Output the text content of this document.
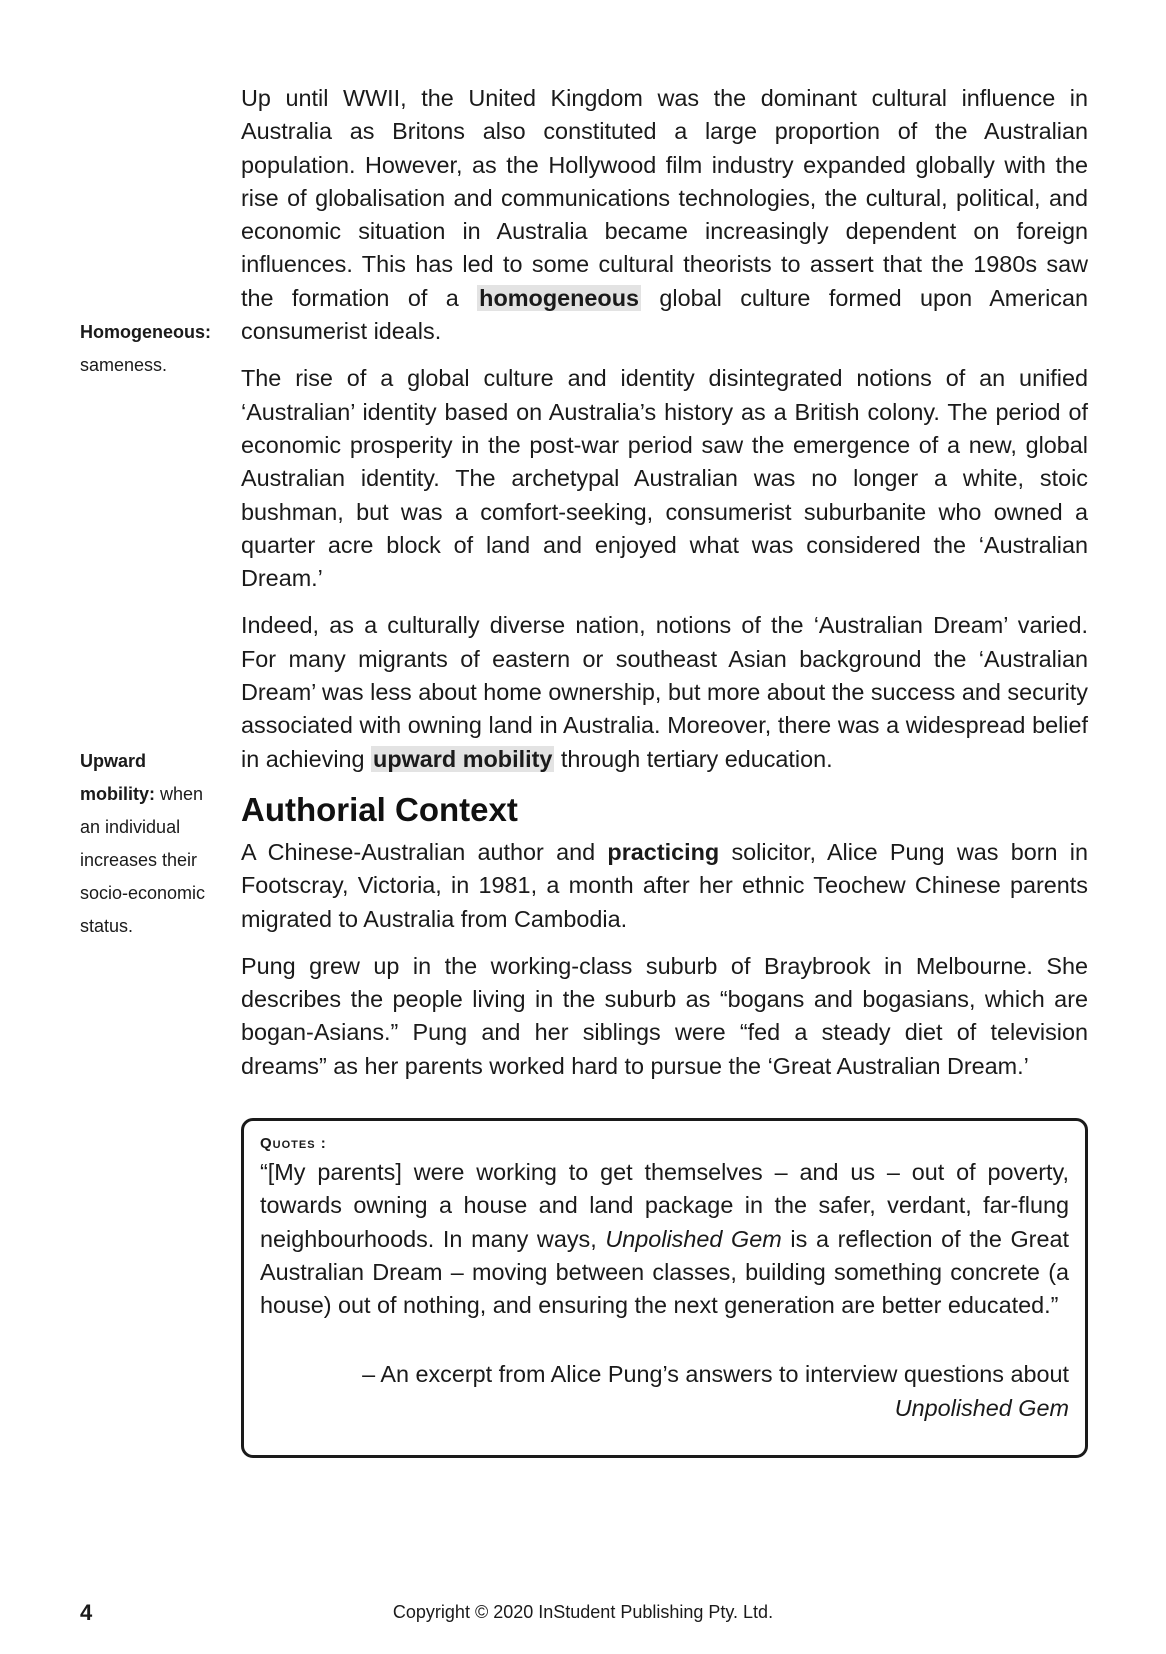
Up until WWII, the United Kingdom was the dominant cultural influence in Australia as Britons also constituted a large proportion of the Australian population. However, as the Hollywood film industry expanded globally with the rise of globalisation and communications technologies, the cultural, political, and economic situation in Australia became increasingly dependent on foreign influences. This has led to some cultural theorists to assert that the 1980s saw the formation of a homogeneous global culture formed upon American consumerist ideals.

The rise of a global culture and identity disintegrated notions of an unified ‘Australian’ identity based on Australia’s history as a British colony. The period of economic prosperity in the post-war period saw the emergence of a new, global Australian identity. The archetypal Australian was no longer a white, stoic bushman, but was a comfort-seeking, consumerist suburbanite who owned a quarter acre block of land and enjoyed what was considered the ‘Australian Dream.’

Indeed, as a culturally diverse nation, notions of the ‘Australian Dream’ varied. For many migrants of eastern or southeast Asian background the ‘Australian Dream’ was less about home ownership, but more about the success and security associated with owning land in Australia. Moreover, there was a widespread belief in achieving upward mobility through tertiary education.

Authorial Context

A Chinese-Australian author and practicing solicitor, Alice Pung was born in Footscray, Victoria, in 1981, a month after her ethnic Teochew Chinese parents migrated to Australia from Cambodia.

Pung grew up in the working-class suburb of Braybrook in Melbourne. She describes the people living in the suburb as “bogans and bogasians, which are bogan-Asians.” Pung and her siblings were “fed a steady diet of television dreams” as her parents worked hard to pursue the ‘Great Australian Dream.’

Homogeneous:
sameness.
Upward mobility: when an individual increases their socio-economic status.
Quotes :

“[My parents] were working to get themselves – and us – out of poverty, towards owning a house and land package in the safer, verdant, far-flung neighbourhoods. In many ways, Unpolished Gem is a reflection of the Great Australian Dream – moving between classes, building something concrete (a house) out of nothing, and ensuring the next generation are better educated.”

– An excerpt from Alice Pung’s answers to interview questions about
Unpolished Gem
4	Copyright © 2020 InStudent Publishing Pty. Ltd.
